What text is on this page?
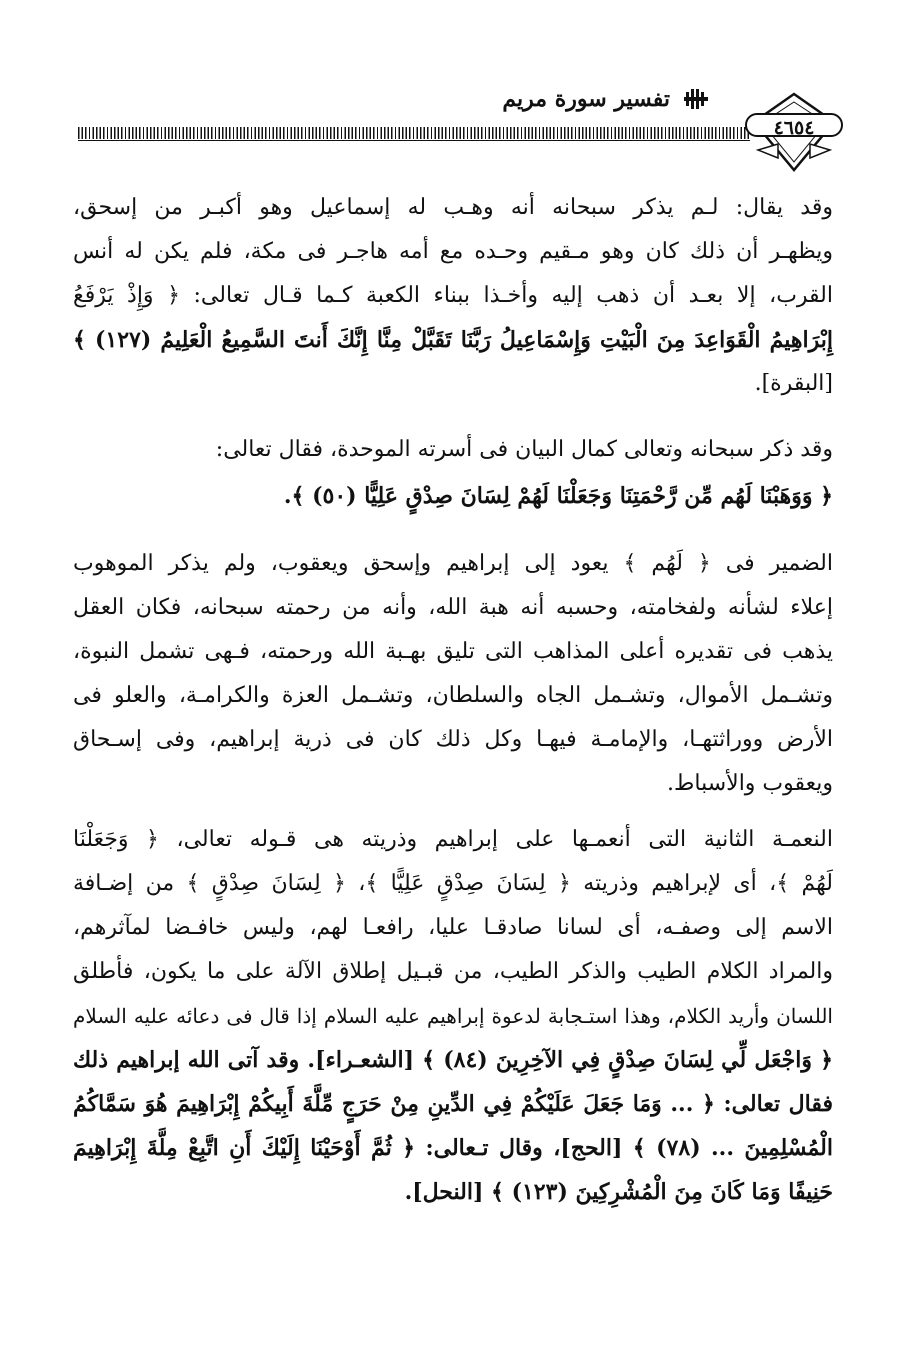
تفسير سورة مريم
٤٦٥٤
وقد يقال: لـم يذكر سبحانه أنه وهـب له إسماعيل وهو أكبـر من إسحق،
ويظهـر أن ذلك كان وهو مـقيم وحـده مع أمه هاجـر فى مكة، فلم يكن له أنس
القرب، إلا بعـد أن ذهب إليه وأخـذا ببناء الكعبة كـما قـال تعالى: ﴿ وَإِذْ يَرْفَعُ
إِبْرَاهِيمُ الْقَوَاعِدَ مِنَ الْبَيْتِ وَإِسْمَاعِيلُ رَبَّنَا تَقَبَّلْ مِنَّا إِنَّكَ أَنتَ السَّمِيعُ الْعَلِيمُ (١٢٧) ﴾
[البقرة].
وقد ذكر سبحانه وتعالى كمال البيان فى أسرته الموحدة، فقال تعالى:
﴿ وَوَهَبْنَا لَهُم مِّن رَّحْمَتِنَا وَجَعَلْنَا لَهُمْ لِسَانَ صِدْقٍ عَلِيًّا (٥٠) ﴾.
الضمير فى ﴿ لَهُم ﴾ يعود إلى إبراهيم وإسحق ويعقوب، ولم يذكر الموهوب
إعلاء لشأنه ولفخامته، وحسبه أنه هبة الله، وأنه من رحمته سبحانه، فكان العقل
يذهب فى تقديره أعلى المذاهب التى تليق بهـبة الله ورحمته، فـهى تشمل النبوة،
وتشـمل الأموال، وتشـمل الجاه والسلطان، وتشـمل العزة والكرامـة، والعلو فى
الأرض ووراثتهـا، والإمامـة فيهـا وكل ذلك كان فى ذرية إبراهيم، وفى إسـحاق
ويعقوب والأسباط.
النعمـة الثانية التى أنعمـها على إبراهيم وذريته هى قـوله تعالى، ﴿ وَجَعَلْنَا
لَهُمْ ﴾، أى لإبراهيم وذريته ﴿ لِسَانَ صِدْقٍ عَلِيًّا ﴾، ﴿ لِسَانَ صِدْقٍ ﴾ من إضـافة
الاسم إلى وصفـه، أى لسانا صادقـا عليا، رافعـا لهم، وليس خافـضا لمآثرهم،
والمراد الكلام الطيب والذكر الطيب، من قبـيل إطلاق الآلة على ما يكون، فأطلق
اللسان وأريد الكلام، وهذا استـجابة لدعوة إبراهيم عليه السلام إذا قال فى دعائه عليه السلام
﴿ وَاجْعَل لِّي لِسَانَ صِدْقٍ فِي الآخِرِينَ (٨٤) ﴾ [الشعـراء]. وقد آتى الله إبراهيم ذلك
فقال تعالى: ﴿ ... وَمَا جَعَلَ عَلَيْكُمْ فِي الدِّينِ مِنْ حَرَجٍ مِّلَّةَ أَبِيكُمْ إِبْرَاهِيمَ هُوَ سَمَّاكُمُ
الْمُسْلِمِينَ ... (٧٨) ﴾ [الحج]، وقال تـعالى: ﴿ ثُمَّ أَوْحَيْنَا إِلَيْكَ أَنِ اتَّبِعْ مِلَّةَ إِبْرَاهِيمَ
حَنِيفًا وَمَا كَانَ مِنَ الْمُشْرِكِينَ (١٢٣) ﴾ [النحل].
